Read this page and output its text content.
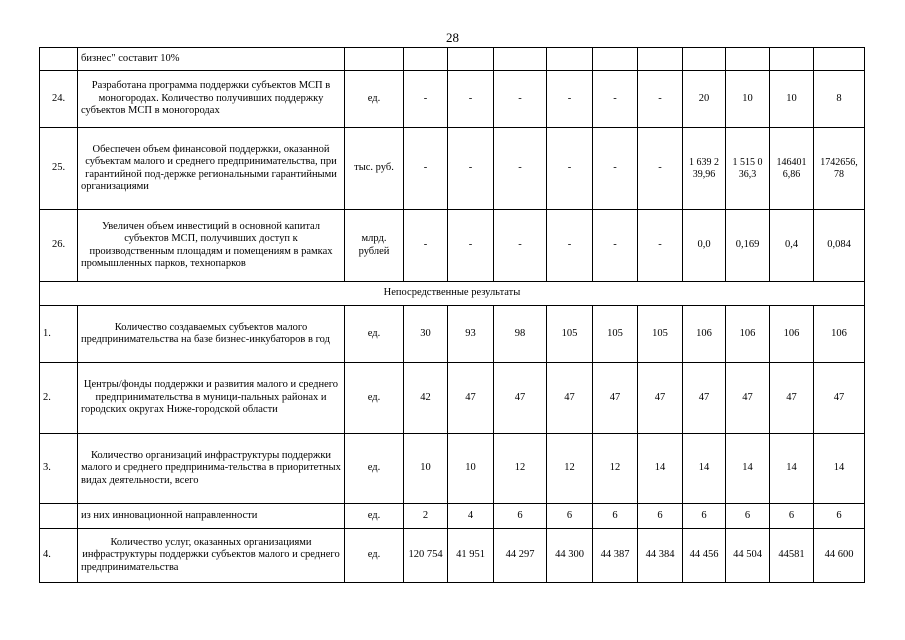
28
	бизнес" составит 10%											
24.	Разработана программа поддержки субъектов МСП в моногородах. Количество получивших поддержку субъектов МСП в моногородах	ед.	-	-	-	-	-	-	20	10	10	8
25.	Обеспечен объем финансовой поддержки, оказанной субъектам малого и среднего предпринимательства, при гарантийной под-держке региональными гарантийными организациями	тыс. руб.	-	-	-	-	-	-	1 639 2 39,96	1 515 0 36,3	146401 6,86	1742656, 78
26.	Увеличен объем инвестиций в основной капитал субъектов МСП, получивших доступ к производственным площадям и помещениям в рамках промышленных парков, технопарков	млрд. рублей	-	-	-	-	-	-	0,0	0,169	0,4	0,084
Непосредственные результаты												
1.	Количество создаваемых субъектов малого предпринимательства на базе бизнес-инкубаторов в год	ед.	30	93	98	105	105	105	106	106	106	106
2.	Центры/фонды поддержки и развития малого и среднего предпринимательства в муници-пальных районах и городских округах Ниже-городской области	ед.	42	47	47	47	47	47	47	47	47	47
3.	Количество организаций инфраструктуры поддержки малого и среднего предпринима-тельства в приоритетных видах деятельности, всего	ед.	10	10	12	12	12	14	14	14	14	14
	из них инновационной направленности	ед.	2	4	6	6	6	6	6	6	6	6
4.	Количество услуг, оказанных организациями инфраструктуры поддержки субъектов малого и среднего предпринимательства	ед.	120 754	41 951	44 297	44 300	44 387	44 384	44 456	44 504	44581	44 600
